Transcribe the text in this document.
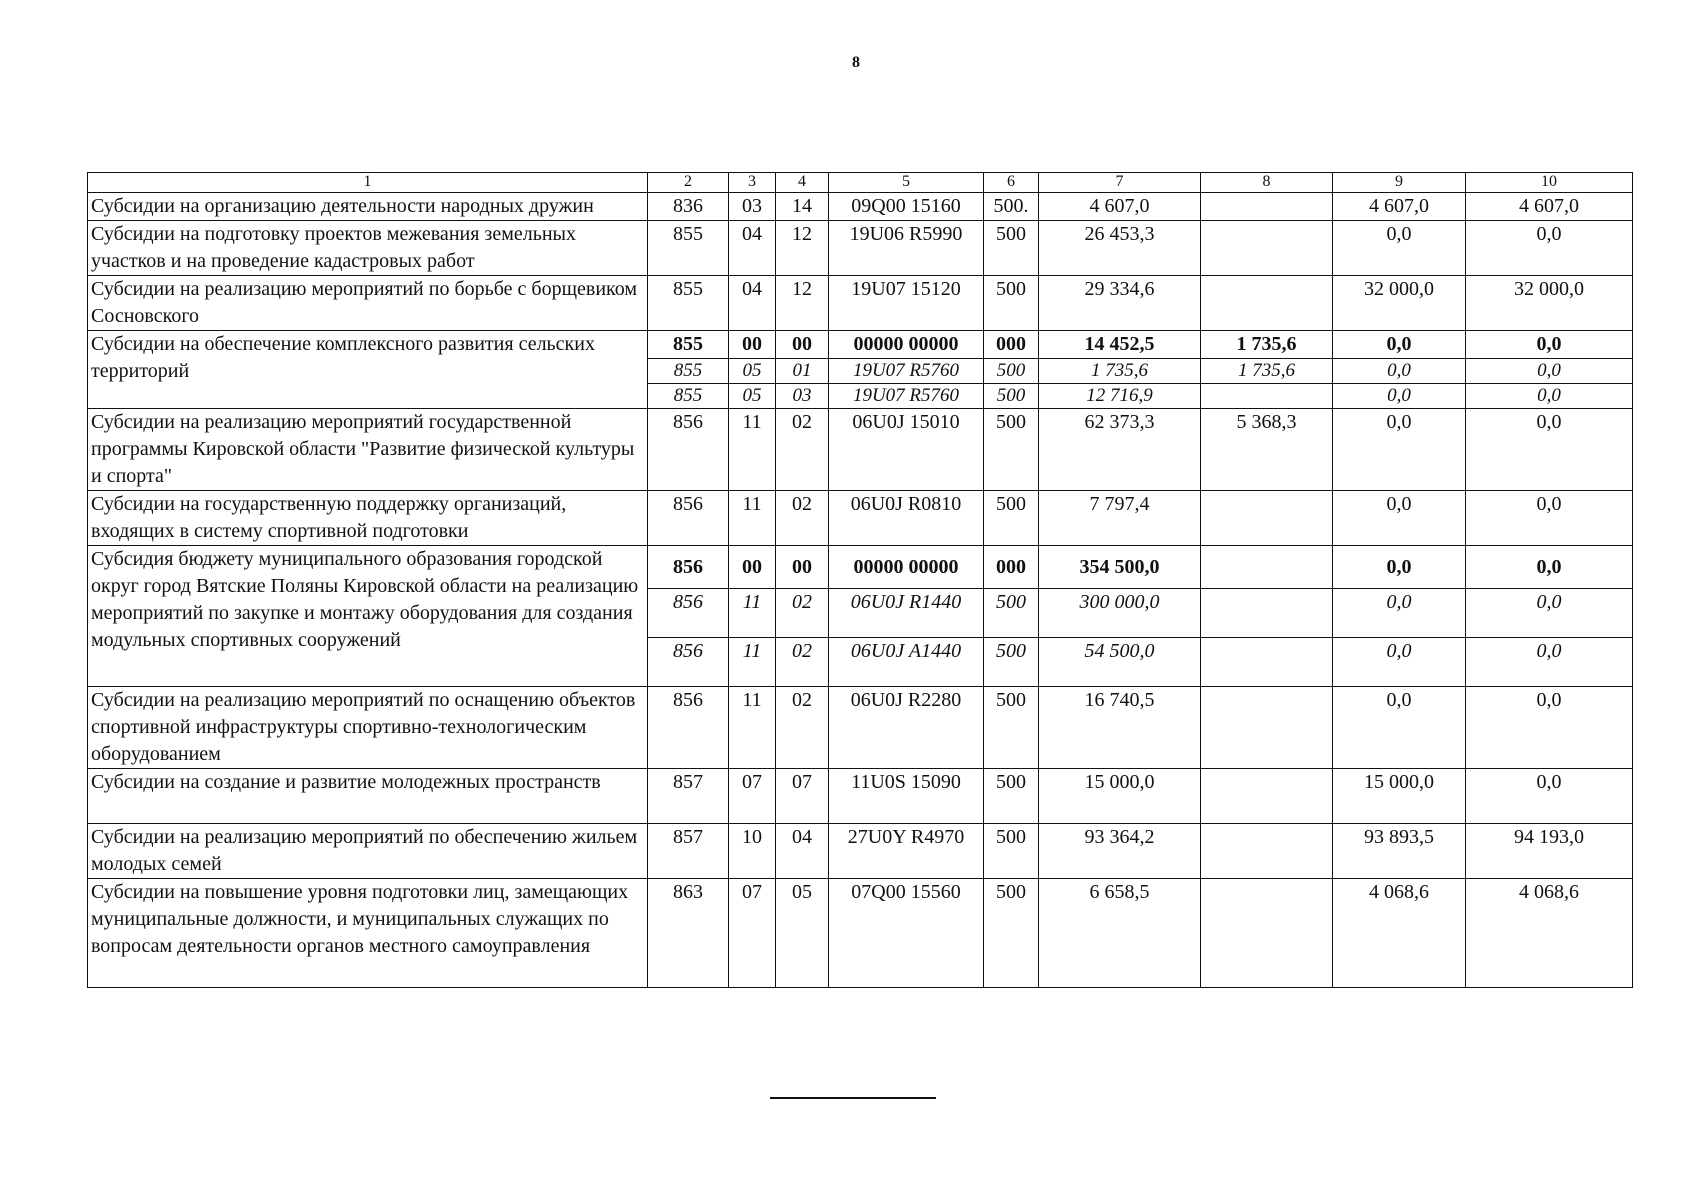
8
1	2	3	4	5	6	7	8	9	10
Субсидии на организацию деятельности народных дружин	836	03	14	09Q00 15160	500.	4 607,0		4 607,0	4 607,0
Субсидии на подготовку проектов межевания земельных участков и на проведение кадастровых работ	855	04	12	19U06 R5990	500	26 453,3		0,0	0,0
Субсидии на реализацию мероприятий по борьбе с борщевиком Сосновского	855	04	12	19U07 15120	500	29 334,6		32 000,0	32 000,0
Субсидии на обеспечение комплексного развития сельских территорий	855	00	00	00000 00000	000	14 452,5	1 735,6	0,0	0,0
	855	05	01	19U07 R5760	500	1 735,6	1 735,6	0,0	0,0
	855	05	03	19U07 R5760	500	12 716,9		0,0	0,0
Субсидии на реализацию мероприятий государственной программы Кировской области "Развитие физической культуры и спорта"	856	11	02	06U0J 15010	500	62 373,3	5 368,3	0,0	0,0
Субсидии на государственную поддержку организаций, входящих в систему спортивной подготовки	856	11	02	06U0J R0810	500	7 797,4		0,0	0,0
Субсидия бюджету муниципального образования городской округ город Вятские Поляны Кировской области на реализацию мероприятий по закупке и монтажу оборудования для создания модульных спортивных сооружений	856	00	00	00000 00000	000	354 500,0		0,0	0,0
	856	11	02	06U0J R1440	500	300 000,0		0,0	0,0
	856	11	02	06U0J A1440	500	54 500,0		0,0	0,0
Субсидии на реализацию мероприятий по оснащению объектов спортивной инфраструктуры спортивно-технологическим оборудованием	856	11	02	06U0J R2280	500	16 740,5		0,0	0,0
Субсидии на создание и развитие молодежных пространств	857	07	07	11U0S 15090	500	15 000,0		15 000,0	0,0
Субсидии на реализацию мероприятий по обеспечению жильем молодых семей	857	10	04	27U0Y R4970	500	93 364,2		93 893,5	94 193,0
Субсидии на повышение уровня подготовки лиц, замещающих муниципальные должности, и муниципальных служащих по вопросам деятельности органов местного самоуправления	863	07	05	07Q00 15560	500	6 658,5		4 068,6	4 068,6
